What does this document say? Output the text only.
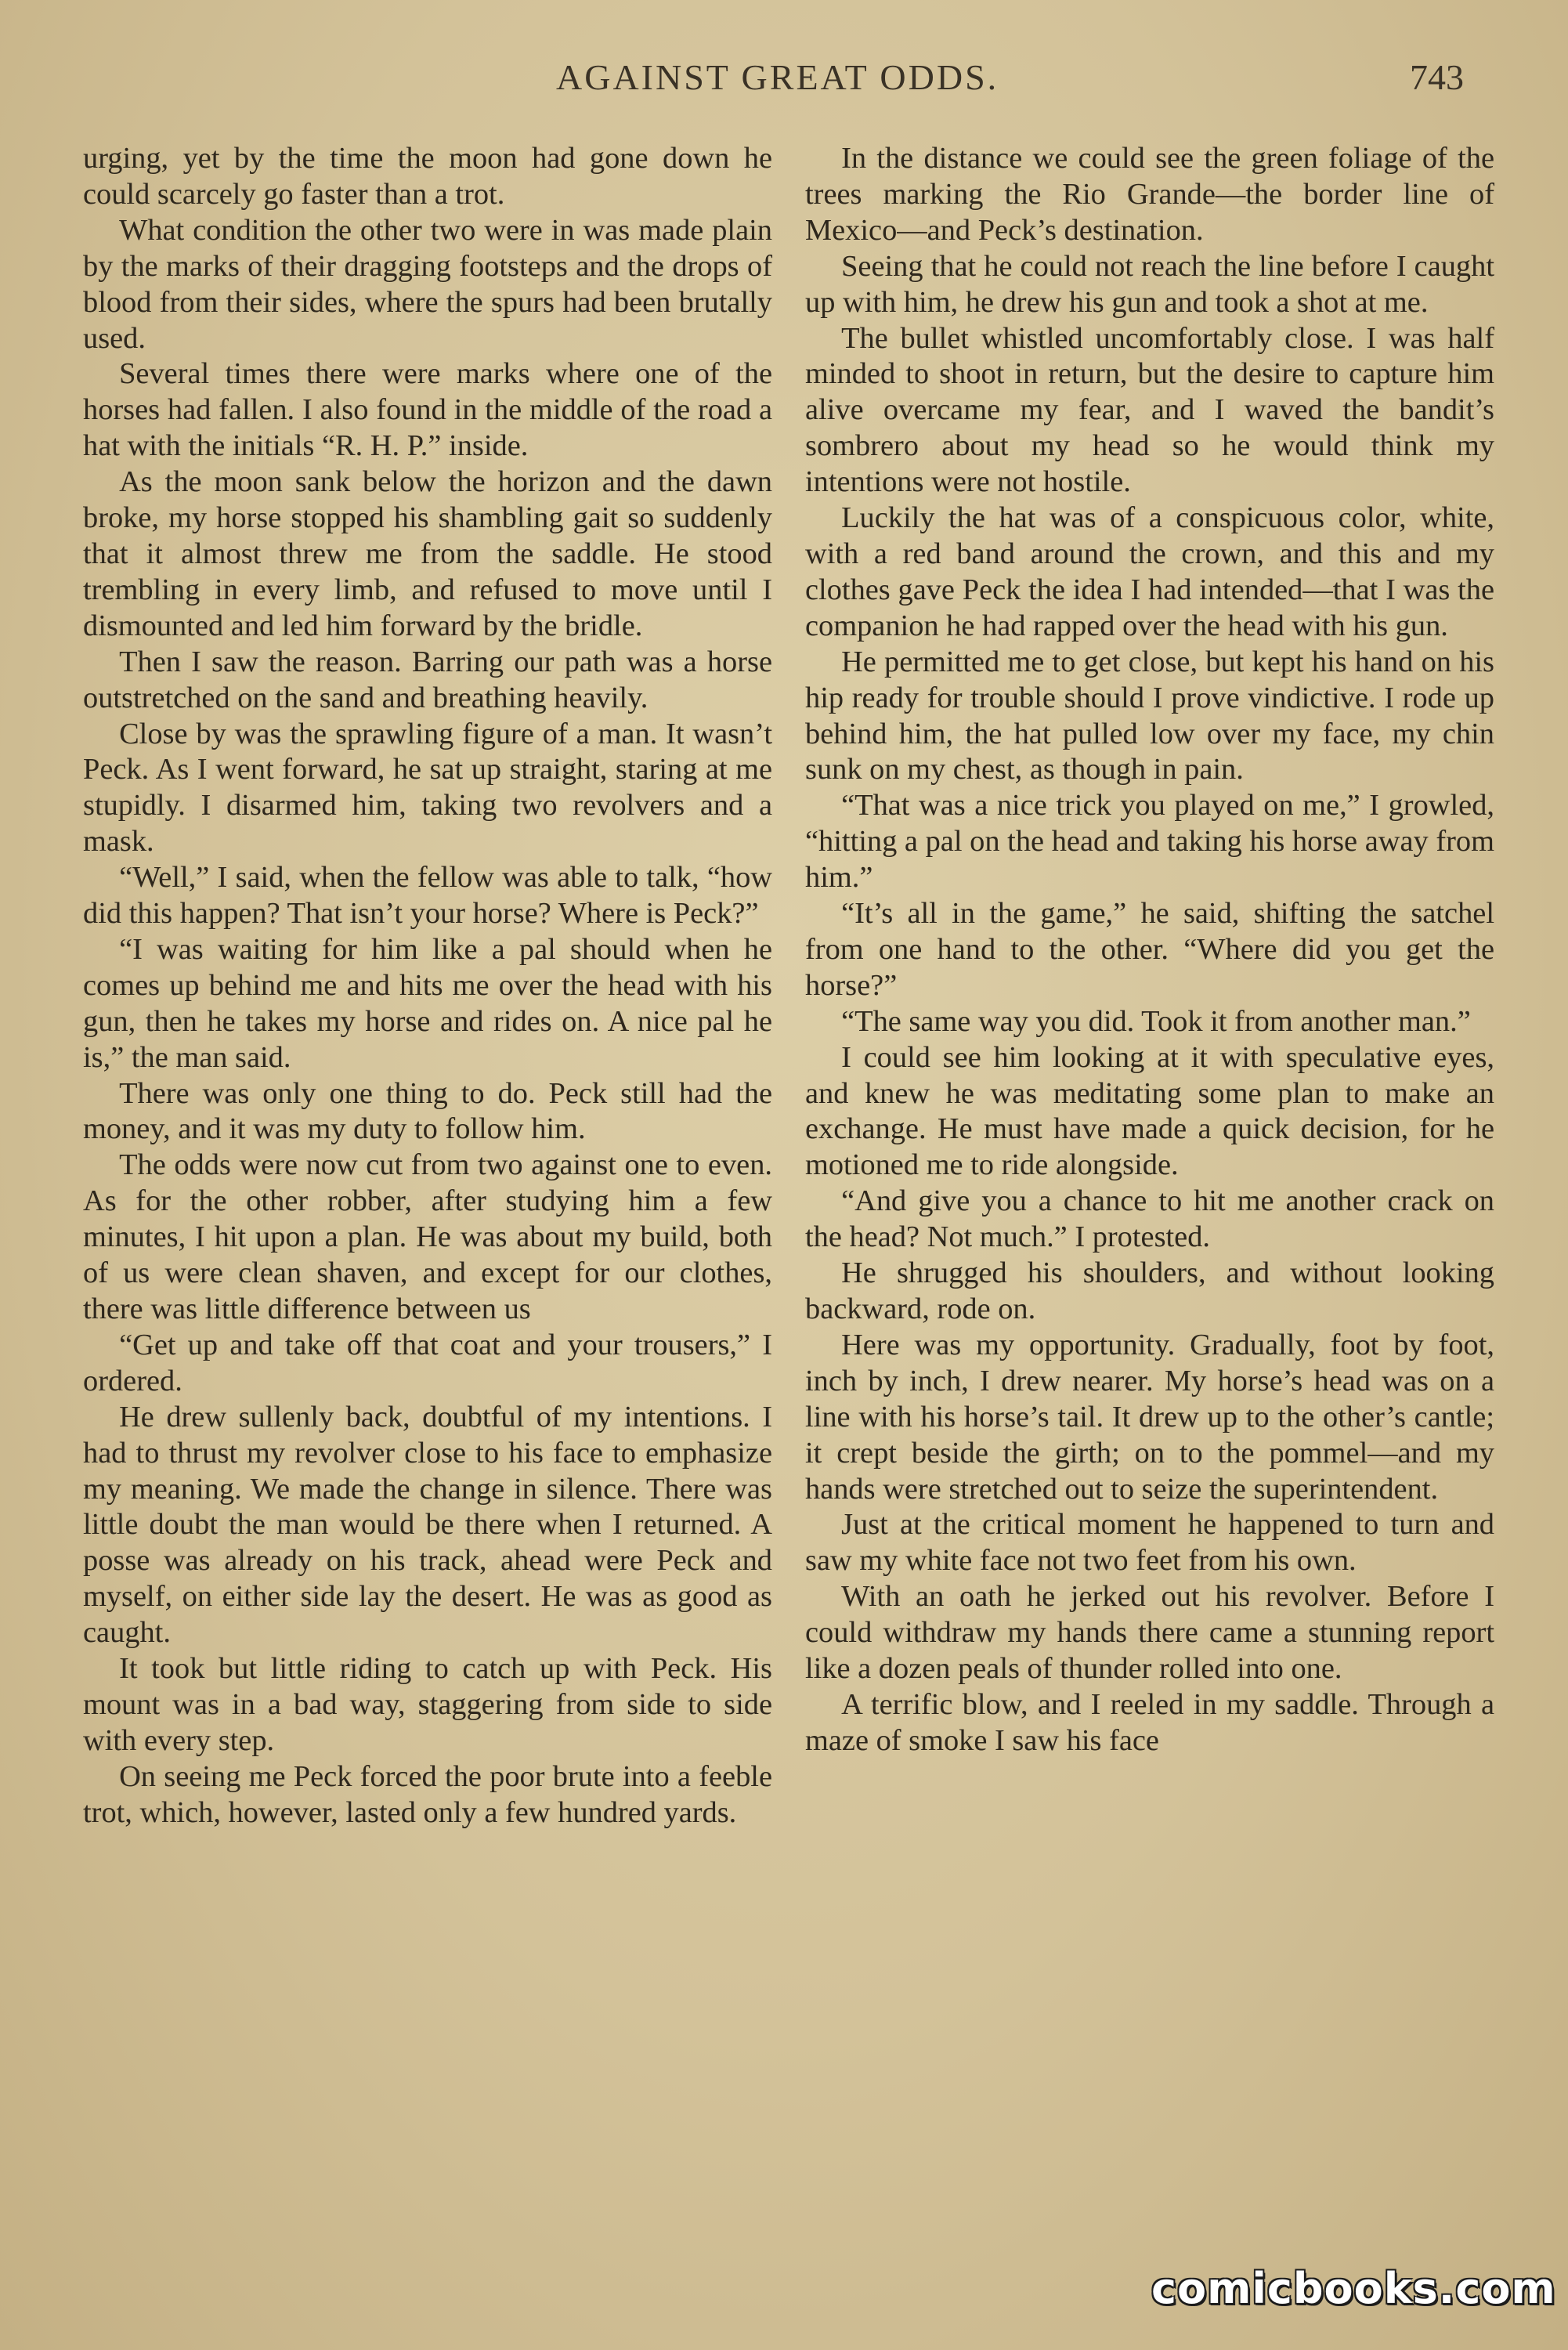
AGAINST GREAT ODDS.	743

urging, yet by the time the moon had gone down he could scarcely go faster than a trot.

What condition the other two were in was made plain by the marks of their dragging footsteps and the drops of blood from their sides, where the spurs had been brutally used.

Several times there were marks where one of the horses had fallen. I also found in the middle of the road a hat with the initials “R. H. P.” inside.

As the moon sank below the horizon and the dawn broke, my horse stopped his shambling gait so suddenly that it almost threw me from the saddle. He stood trembling in every limb, and refused to move until I dismounted and led him forward by the bridle.

Then I saw the reason. Barring our path was a horse outstretched on the sand and breathing heavily.

Close by was the sprawling figure of a man. It wasn’t Peck. As I went forward, he sat up straight, staring at me stupidly. I disarmed him, taking two revolvers and a mask.

“Well,” I said, when the fellow was able to talk, “how did this happen? That isn’t your horse? Where is Peck?”

“I was waiting for him like a pal should when he comes up behind me and hits me over the head with his gun, then he takes my horse and rides on. A nice pal he is,” the man said.

There was only one thing to do. Peck still had the money, and it was my duty to follow him.

The odds were now cut from two against one to even. As for the other robber, after studying him a few minutes, I hit upon a plan. He was about my build, both of us were clean shaven, and except for our clothes, there was little difference between us

“Get up and take off that coat and your trousers,” I ordered.

He drew sullenly back, doubtful of my intentions. I had to thrust my revolver close to his face to emphasize my meaning. We made the change in silence. There was little doubt the man would be there when I returned. A posse was already on his track, ahead were Peck and myself, on either side lay the desert. He was as good as caught.

It took but little riding to catch up with Peck. His mount was in a bad way, staggering from side to side with every step.

On seeing me Peck forced the poor brute into a feeble trot, which, however, lasted only a few hundred yards.

In the distance we could see the green foliage of the trees marking the Rio Grande—the border line of Mexico—and Peck’s destination.

Seeing that he could not reach the line before I caught up with him, he drew his gun and took a shot at me.

The bullet whistled uncomfortably close. I was half minded to shoot in return, but the desire to capture him alive overcame my fear, and I waved the bandit’s sombrero about my head so he would think my intentions were not hostile.

Luckily the hat was of a conspicuous color, white, with a red band around the crown, and this and my clothes gave Peck the idea I had intended—that I was the companion he had rapped over the head with his gun.

He permitted me to get close, but kept his hand on his hip ready for trouble should I prove vindictive. I rode up behind him, the hat pulled low over my face, my chin sunk on my chest, as though in pain.

“That was a nice trick you played on me,” I growled, “hitting a pal on the head and taking his horse away from him.”

“It’s all in the game,” he said, shifting the satchel from one hand to the other. “Where did you get the horse?”

“The same way you did. Took it from another man.”

I could see him looking at it with speculative eyes, and knew he was meditating some plan to make an exchange. He must have made a quick decision, for he motioned me to ride alongside.

“And give you a chance to hit me another crack on the head? Not much.” I protested.

He shrugged his shoulders, and without looking backward, rode on.

Here was my opportunity. Gradually, foot by foot, inch by inch, I drew nearer. My horse’s head was on a line with his horse’s tail. It drew up to the other’s cantle; it crept beside the girth; on to the pommel—and my hands were stretched out to seize the superintendent.

Just at the critical moment he happened to turn and saw my white face not two feet from his own.

With an oath he jerked out his revolver. Before I could withdraw my hands there came a stunning report like a dozen peals of thunder rolled into one.

A terrific blow, and I reeled in my saddle. Through a maze of smoke I saw his face

comicbooks.com
